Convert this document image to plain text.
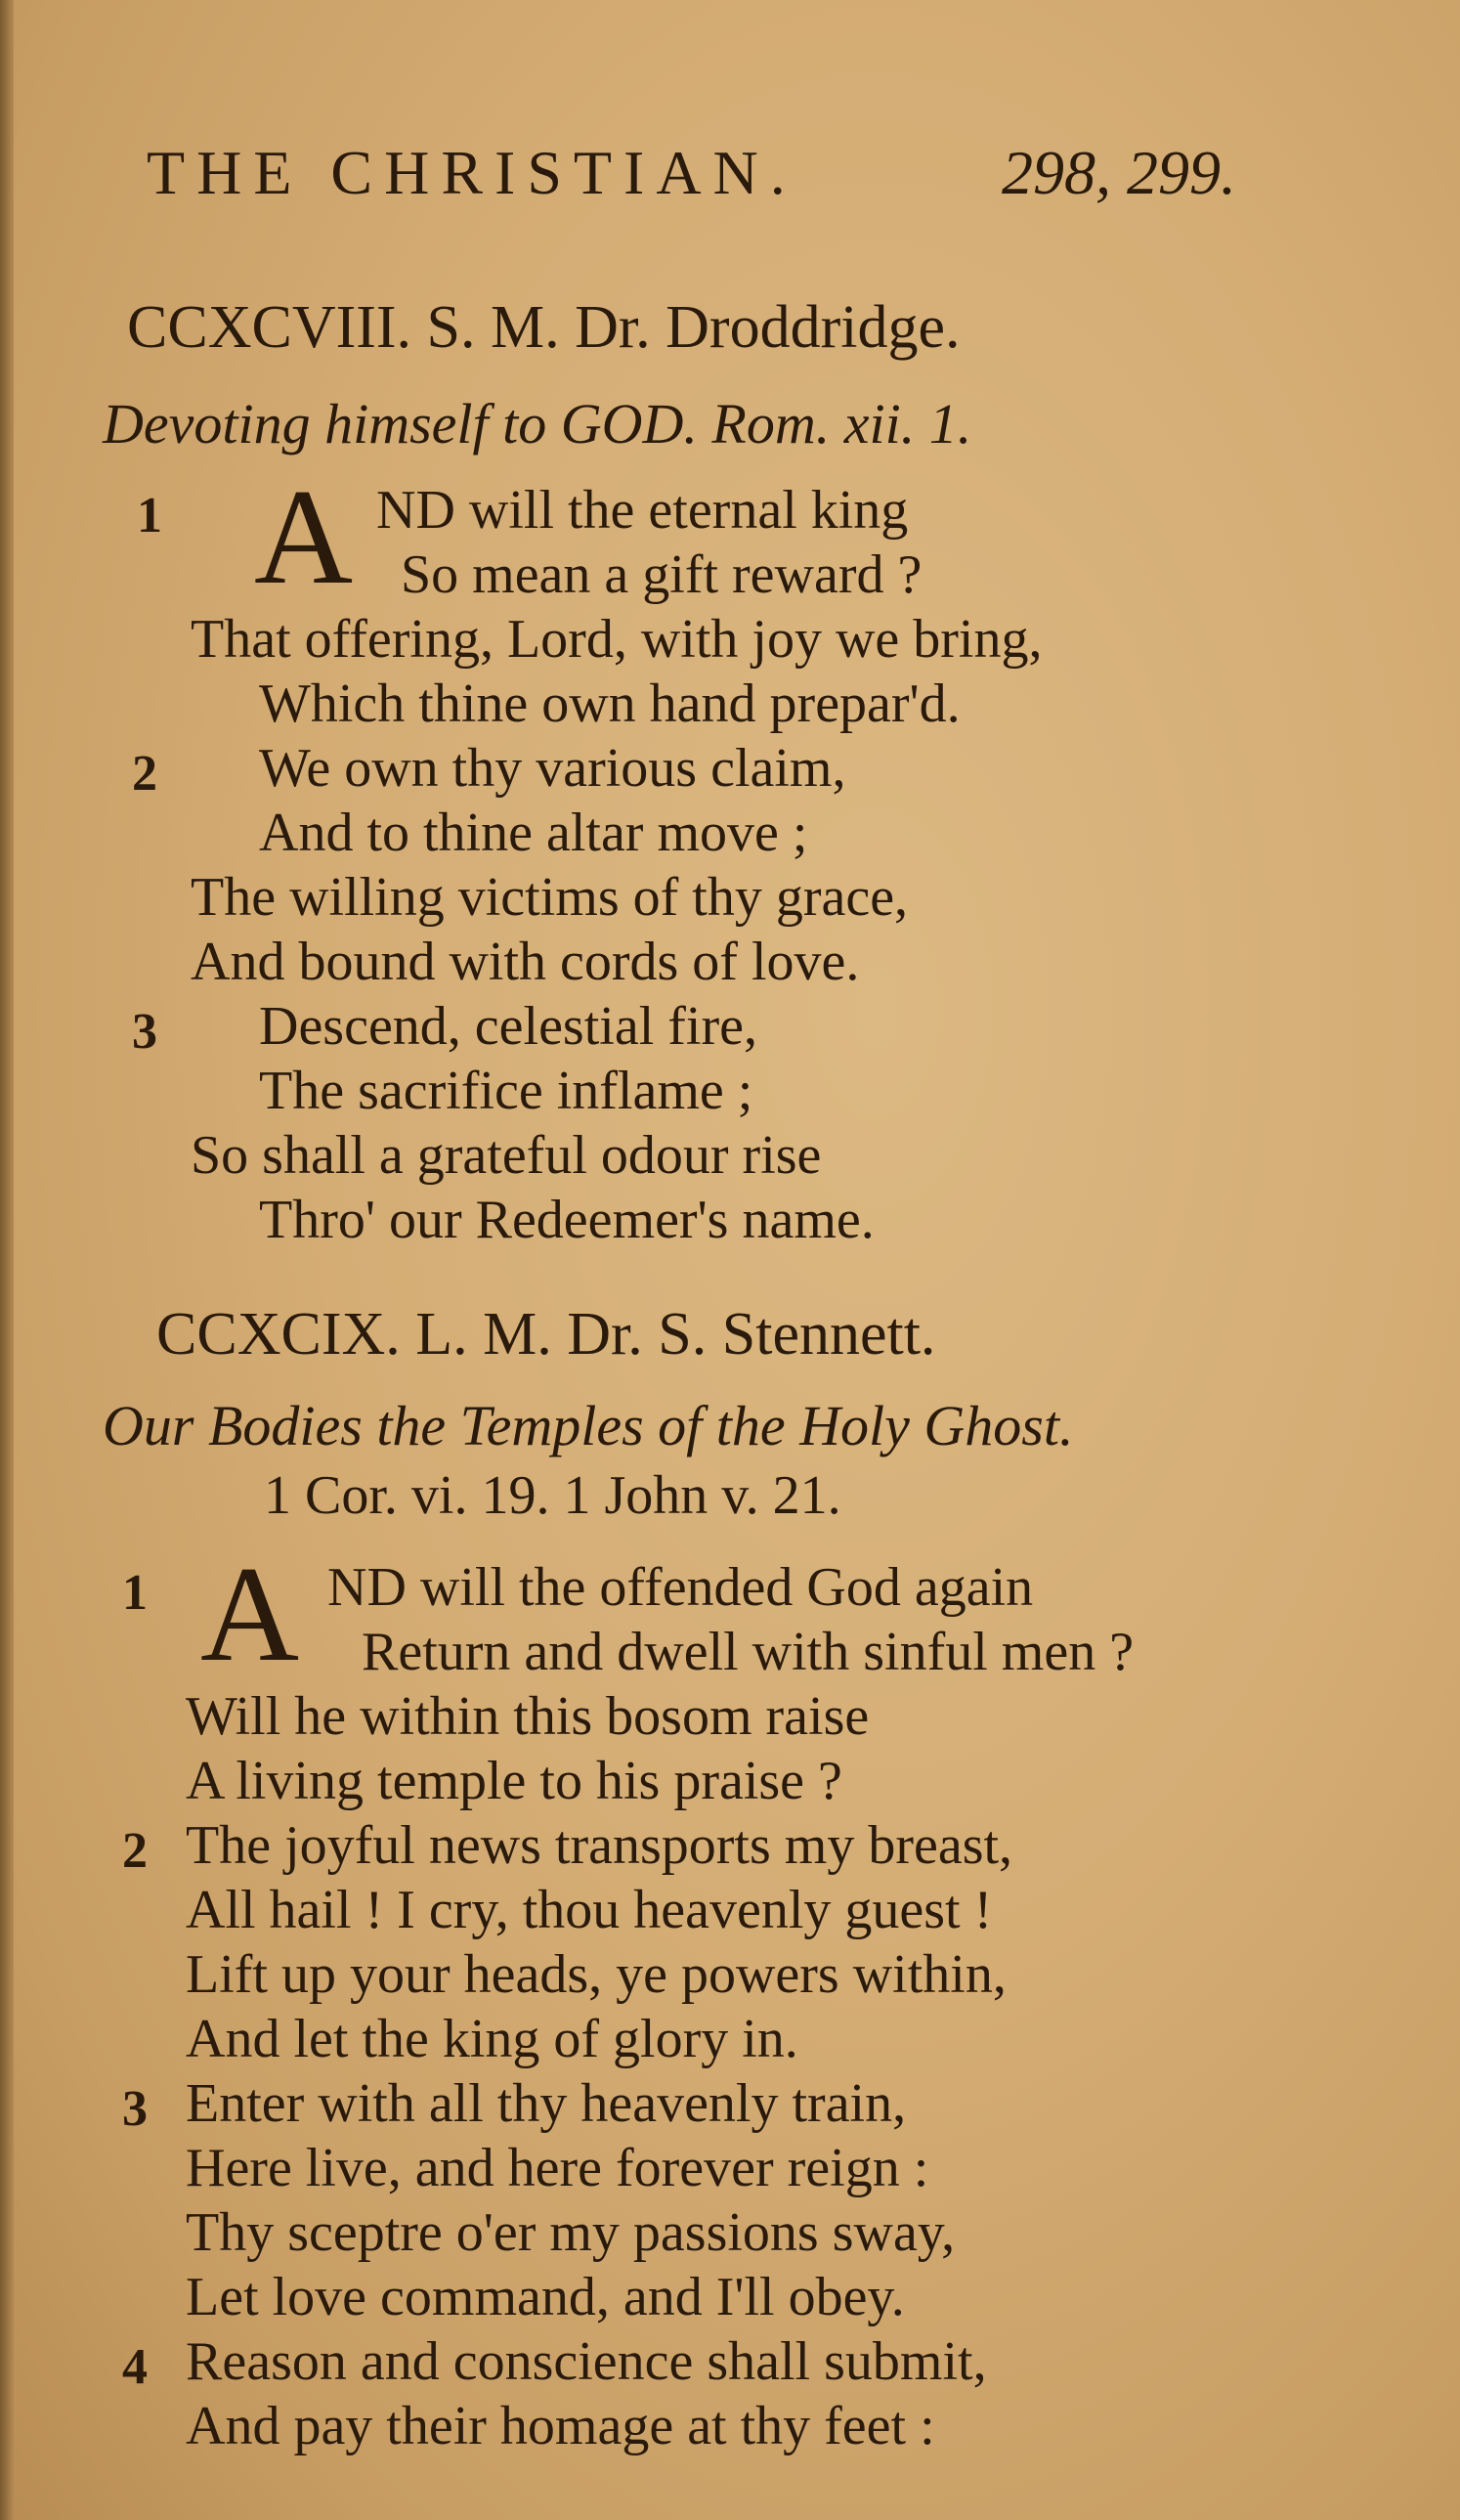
THE CHRISTIAN.	298, 299.
CCXCVIII. S. M. Dr. Droddridge.
Devoting himself to GOD. Rom. xii. 1.
1 A ND will the eternal king
So mean a gift reward ?
That offering, Lord, with joy we bring,
Which thine own hand prepar'd.
2 We own thy various claim,
And to thine altar move ;
The willing victims of thy grace,
And bound with cords of love.
3 Descend, celestial fire,
The sacrifice inflame ;
So shall a grateful odour rise
Thro' our Redeemer's name.
CCXCIX. L. M. Dr. S. Stennett.
Our Bodies the Temples of the Holy Ghost.
1 Cor. vi. 19. 1 John v. 21.
1 A ND will the offended God again
Return and dwell with sinful men ?
Will he within this bosom raise
A living temple to his praise ?
2 The joyful news transports my breast,
All hail ! I cry, thou heavenly guest !
Lift up your heads, ye powers within,
And let the king of glory in.
3 Enter with all thy heavenly train,
Here live, and here forever reign :
Thy sceptre o'er my passions sway,
Let love command, and I'll obey.
4 Reason and conscience shall submit,
And pay their homage at thy feet :
